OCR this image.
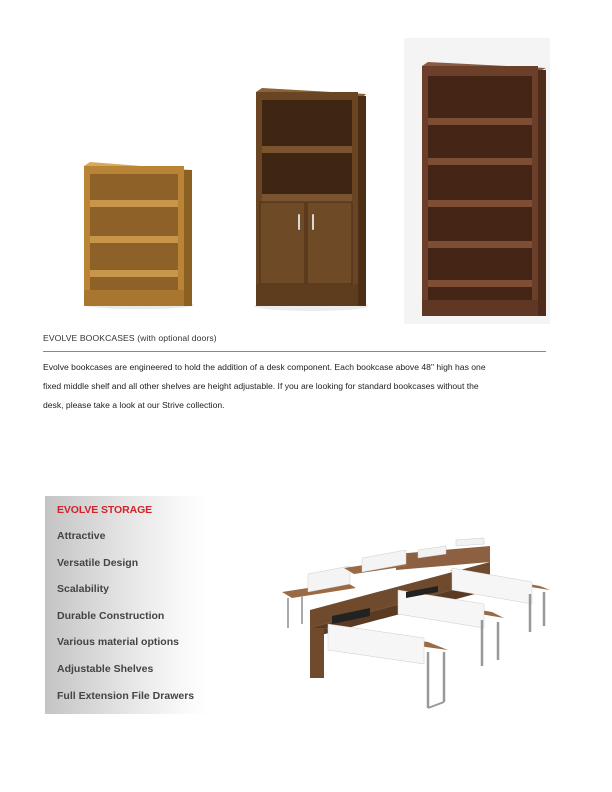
EVOLVE BOOKCASES (with optional doors)

Evolve bookcases are engineered to hold the addition of a desk component. Each bookcase above 48" high has one

fixed middle shelf and all other shelves are height adjustable. If you are looking for standard bookcases without the

desk, please take a look at our Strive collection.

EVOLVE STORAGE
Attractive
Versatile Design
Scalability
Durable Construction
Various material options
Adjustable Shelves
Full Extension File Drawers
